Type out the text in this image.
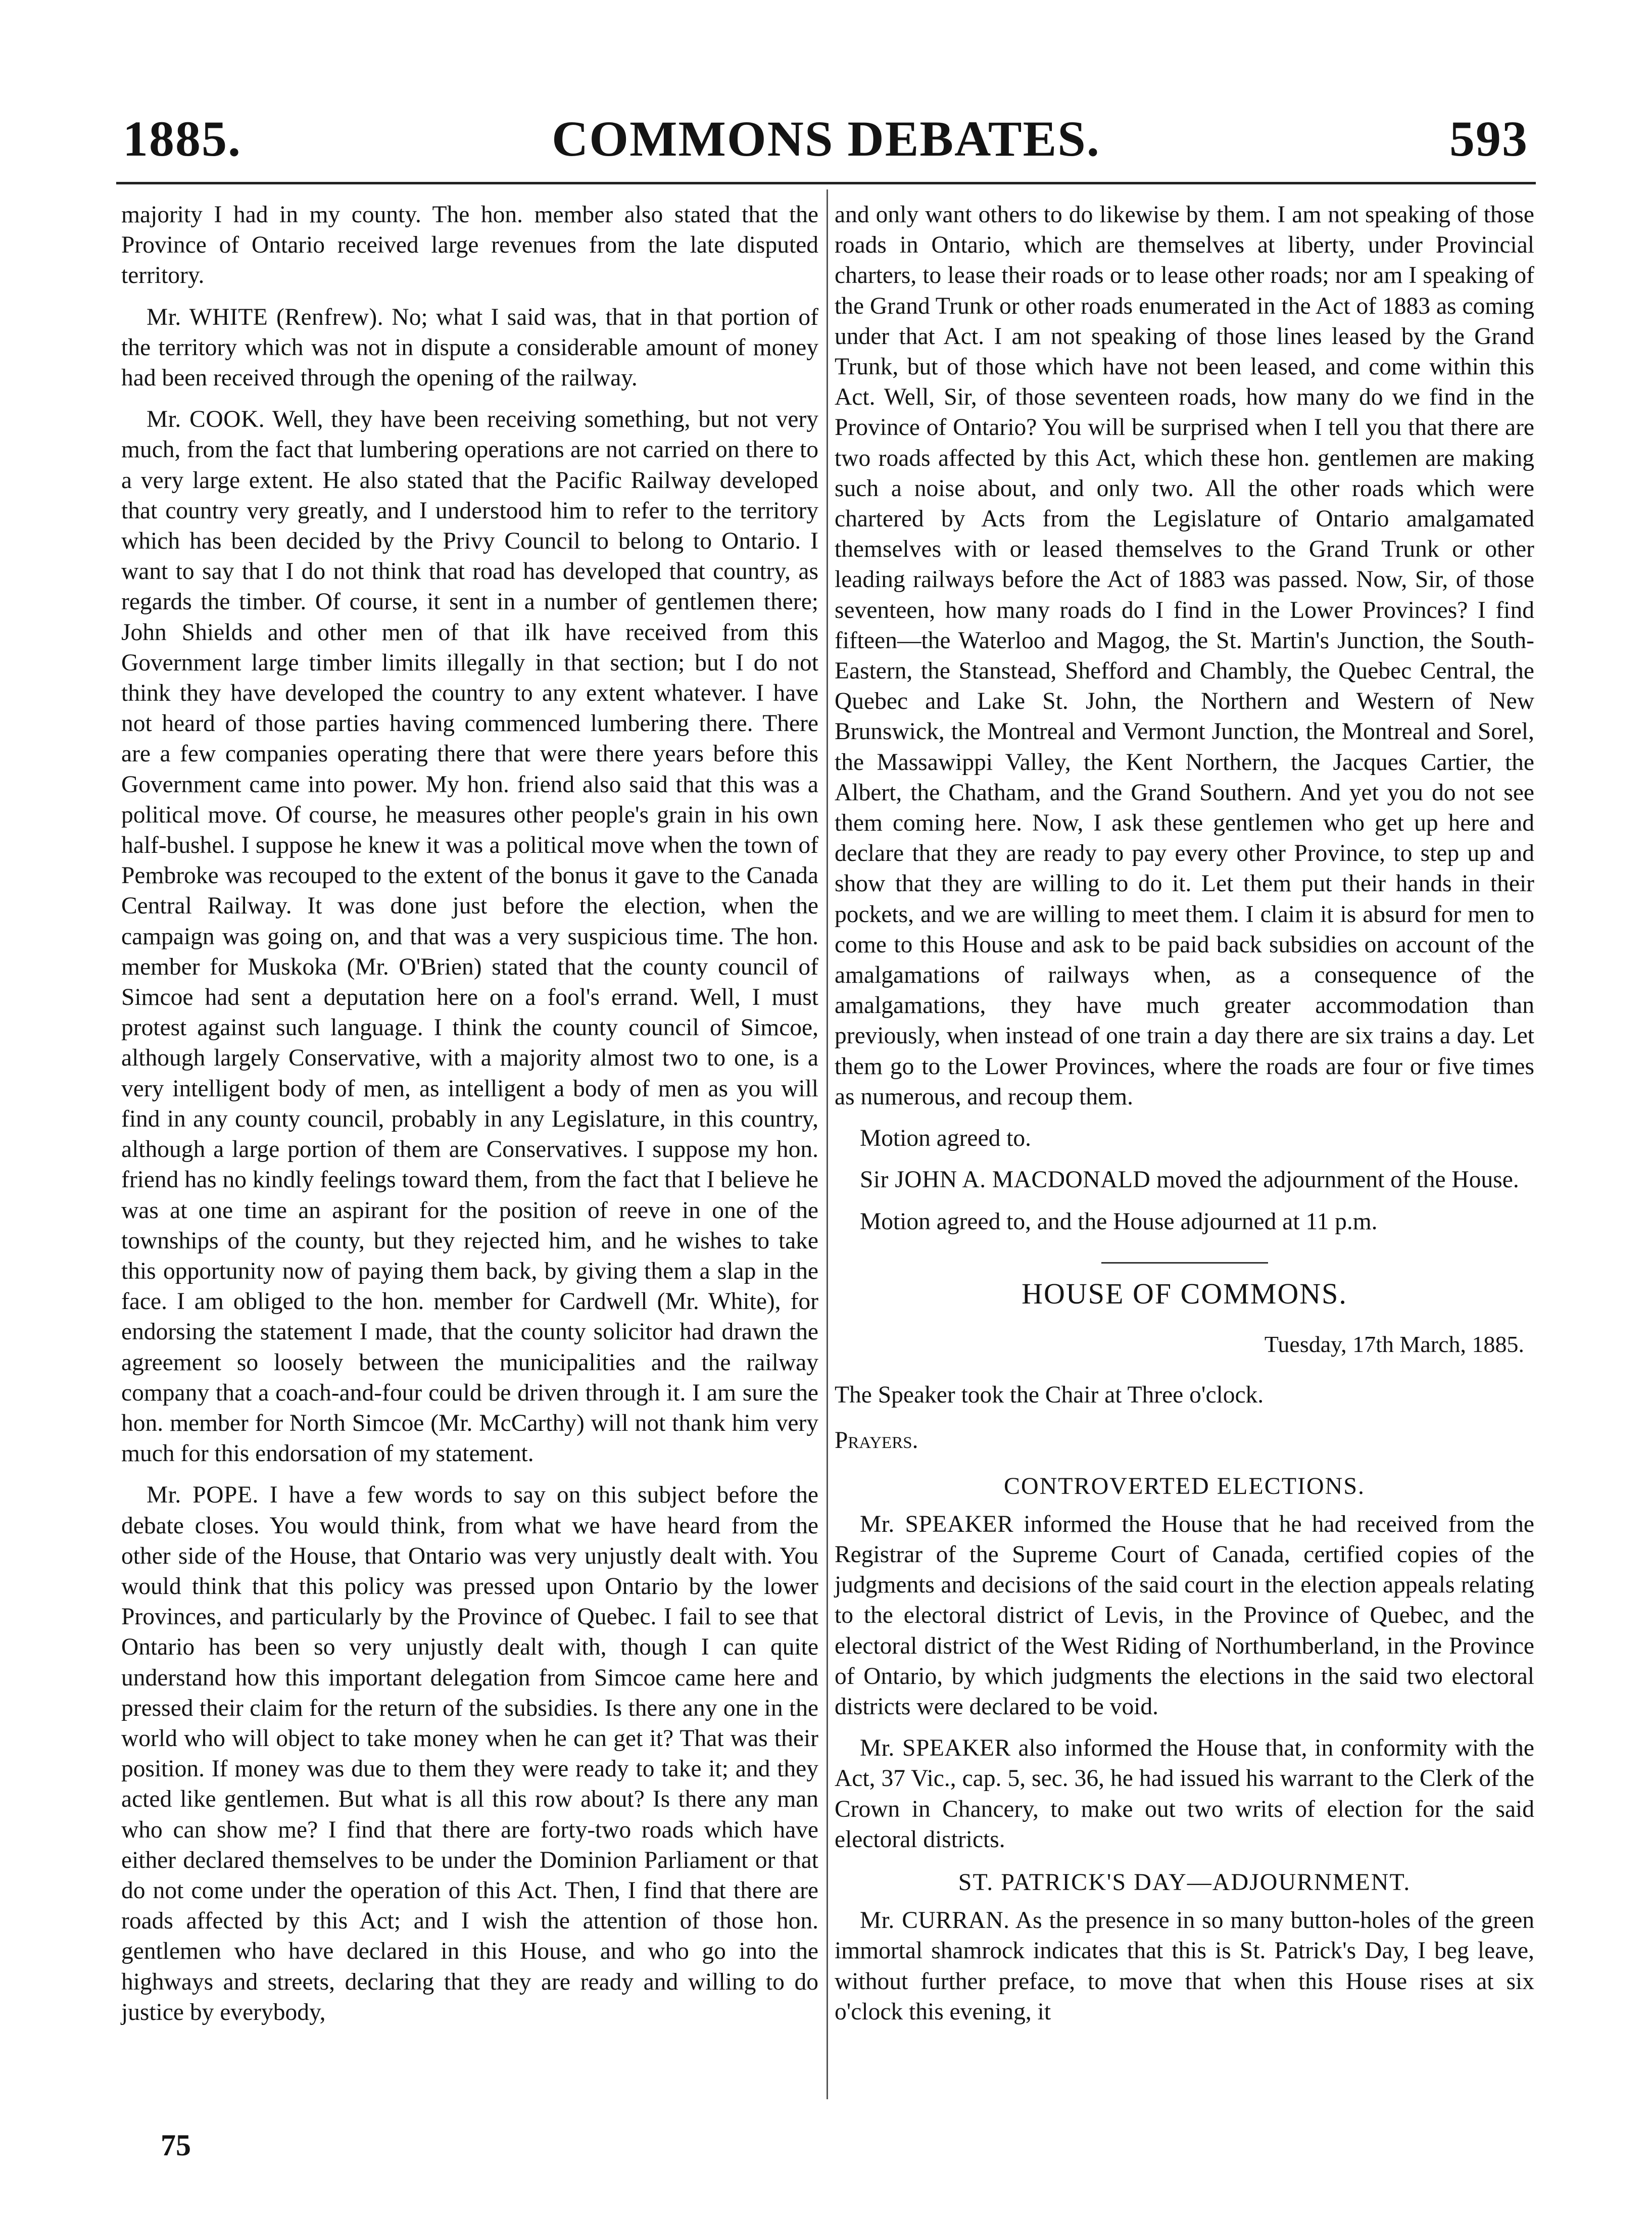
1885.	COMMONS DEBATES.	593

majority I had in my county. The hon. member also stated that the Province of Ontario received large revenues from the late disputed territory.

Mr. WHITE (Renfrew). No; what I said was, that in that portion of the territory which was not in dispute a considerable amount of money had been received through the opening of the railway.

Mr. COOK. Well, they have been receiving something, but not very much, from the fact that lumbering operations are not carried on there to a very large extent. He also stated that the Pacific Railway developed that country very greatly, and I understood him to refer to the territory which has been decided by the Privy Council to belong to Ontario. I want to say that I do not think that road has developed that country, as regards the timber. Of course, it sent in a number of gentlemen there; John Shields and other men of that ilk have received from this Government large timber limits illegally in that section; but I do not think they have developed the country to any extent whatever. I have not heard of those parties having commenced lumbering there. There are a few companies operating there that were there years before this Government came into power. My hon. friend also said that this was a political move. Of course, he measures other people's grain in his own half-bushel. I suppose he knew it was a political move when the town of Pembroke was recouped to the extent of the bonus it gave to the Canada Central Railway. It was done just before the election, when the campaign was going on, and that was a very suspicious time. The hon. member for Muskoka (Mr. O'Brien) stated that the county council of Simcoe had sent a deputation here on a fool's errand. Well, I must protest against such language. I think the county council of Simcoe, although largely Conservative, with a majority almost two to one, is a very intelligent body of men, as intelligent a body of men as you will find in any county council, probably in any Legislature, in this country, although a large portion of them are Conservatives. I suppose my hon. friend has no kindly feelings toward them, from the fact that I believe he was at one time an aspirant for the position of reeve in one of the townships of the county, but they rejected him, and he wishes to take this opportunity now of paying them back, by giving them a slap in the face. I am obliged to the hon. member for Cardwell (Mr. White), for endorsing the statement I made, that the county solicitor had drawn the agreement so loosely between the municipalities and the railway company that a coach-and-four could be driven through it. I am sure the hon. member for North Simcoe (Mr. McCarthy) will not thank him very much for this endorsation of my statement.

Mr. POPE. I have a few words to say on this subject before the debate closes. You would think, from what we have heard from the other side of the House, that Ontario was very unjustly dealt with. You would think that this policy was pressed upon Ontario by the lower Provinces, and particularly by the Province of Quebec. I fail to see that Ontario has been so very unjustly dealt with, though I can quite understand how this important delegation from Simcoe came here and pressed their claim for the return of the subsidies. Is there any one in the world who will object to take money when he can get it? That was their position. If money was due to them they were ready to take it; and they acted like gentlemen. But what is all this row about? Is there any man who can show me? I find that there are forty-two roads which have either declared themselves to be under the Dominion Parliament or that do not come under the operation of this Act. Then, I find that there are roads affected by this Act; and I wish the attention of those hon. gentlemen who have declared in this House, and who go into the highways and streets, declaring that they are ready and willing to do justice by everybody,

and only want others to do likewise by them. I am not speaking of those roads in Ontario, which are themselves at liberty, under Provincial charters, to lease their roads or to lease other roads; nor am I speaking of the Grand Trunk or other roads enumerated in the Act of 1883 as coming under that Act. I am not speaking of those lines leased by the Grand Trunk, but of those which have not been leased, and come within this Act. Well, Sir, of those seventeen roads, how many do we find in the Province of Ontario? You will be surprised when I tell you that there are two roads affected by this Act, which these hon. gentlemen are making such a noise about, and only two. All the other roads which were chartered by Acts from the Legislature of Ontario amalgamated themselves with or leased themselves to the Grand Trunk or other leading railways before the Act of 1883 was passed. Now, Sir, of those seventeen, how many roads do I find in the Lower Provinces? I find fifteen—the Waterloo and Magog, the St. Martin's Junction, the South-Eastern, the Stanstead, Shefford and Chambly, the Quebec Central, the Quebec and Lake St. John, the Northern and Western of New Brunswick, the Montreal and Vermont Junction, the Montreal and Sorel, the Massawippi Valley, the Kent Northern, the Jacques Cartier, the Albert, the Chatham, and the Grand Southern. And yet you do not see them coming here. Now, I ask these gentlemen who get up here and declare that they are ready to pay every other Province, to step up and show that they are willing to do it. Let them put their hands in their pockets, and we are willing to meet them. I claim it is absurd for men to come to this House and ask to be paid back subsidies on account of the amalgamations of railways when, as a consequence of the amalgamations, they have much greater accommodation than previously, when instead of one train a day there are six trains a day. Let them go to the Lower Provinces, where the roads are four or five times as numerous, and recoup them.

Motion agreed to.

Sir JOHN A. MACDONALD moved the adjournment of the House.

Motion agreed to, and the House adjourned at 11 p.m.

HOUSE OF COMMONS.
Tuesday, 17th March, 1885.

The Speaker took the Chair at Three o'clock.

Prayers.

CONTROVERTED ELECTIONS.

Mr. SPEAKER informed the House that he had received from the Registrar of the Supreme Court of Canada, certified copies of the judgments and decisions of the said court in the election appeals relating to the electoral district of Levis, in the Province of Quebec, and the electoral district of the West Riding of Northumberland, in the Province of Ontario, by which judgments the elections in the said two electoral districts were declared to be void.

Mr. SPEAKER also informed the House that, in conformity with the Act, 37 Vic., cap. 5, sec. 36, he had issued his warrant to the Clerk of the Crown in Chancery, to make out two writs of election for the said electoral districts.

ST. PATRICK'S DAY—ADJOURNMENT.

Mr. CURRAN. As the presence in so many button-holes of the green immortal shamrock indicates that this is St. Patrick's Day, I beg leave, without further preface, to move that when this House rises at six o'clock this evening, it

75
